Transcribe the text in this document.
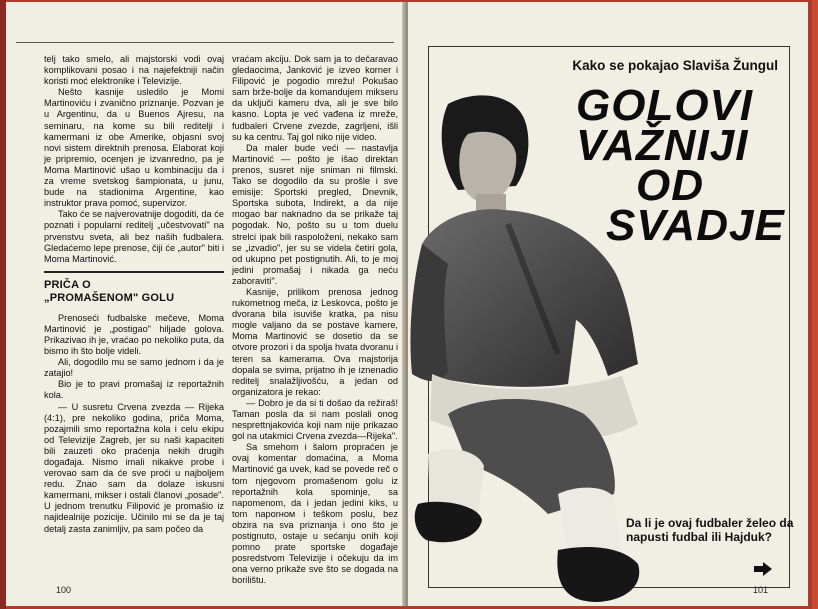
telj tako smelo, ali majstorski vodi ovaj komplikovani posao i na najefektniji način koristi moć elektronike i Televizije.

Nešto kasnije usledilo je Momi Martinoviću i zvanično priznanje. Pozvan je u Argentinu, da u Buenos Ajresu, na seminaru, na kome su bili reditelji i kamermani iz obe Amerike, objasni svoj novi sistem direktnih prenosa. Elaborat koji je pripremio, ocenjen je izvanredno, pa je Moma Martinović ušao u kombinaciju da i za vreme svetskog šampionata, u junu, bude na stadionima Argentine, kao instruktor prava pomoć, supervizor.

Tako će se najverovatnije dogoditi, da će poznati i popularni reditelj „učestvovati" na prvenstvu sveta, ali bez naših fudbalera. Gledaćemo lepe prenose, čiji će „autor" biti i Moma Martinović.

PRIČA O
„PROMAŠENOM" GOLU

Prenoseći fudbalske mečeve, Moma Martinović je „postigao" hiljade golova. Prikazivao ih je, vraćao po nekoliko puta, da bismo ih što bolje videli.

Ali, dogodilo mu se samo jednom i da je zatajio!

Bio je to pravi promašaj iz reportažnih kola.

— U susretu Crvena zvezda — Rijeka (4:1), pre nekoliko godina, priča Moma, pozajmili smo reportažna kola i celu ekipu od Televizije Zagreb, jer su naši kapaciteti bili zauzeti oko praćenja nekih drugih događaja. Nismo imali nikakve probe i verovao sam da će sve proći u najboljem redu. Znao sam da dolaze iskusni kamermani, mikser i ostali članovi „posade". U jednom trenutku Filipović je promašio iz najidealnije pozicije. Učinilo mi se da je taj detalj zasta zanimljiv, pa sam počeo da

vraćam akciju. Dok sam ja to dečaravao gledaocima, Janković je izveo korner i Filipović je pogodio mrežu! Pokušao sam brže-bolje da komandujem mikseru da uključi kameru dva, ali je sve bilo kasno. Lopta je već vađena iz mreže, fudbaleri Crvene zvezde, zagrljeni, išli su ka centru. Taj gol niko nije video.

Da maler bude veći — nastavlja Martinović — pošto je išao direktan prenos, susret nije sniman ni filmski. Tako se dogodilo da su prošle i sve emisije: Sportski pregled, Dnevnik, Sportska subota, Indirekt, a da nije mogao bar naknadno da se prikaže taj pogodak. No, pošto su u tom duelu strelci ipak bili raspoloženi, nekako sam se „izvadio", jer su se videla četiri gola, od ukupno pet postignutih. Ali, to je moj jedini promašaj i nikada ga neću zaboraviti".

Kasnije, prilikom prenosa jednog rukometnog meča, iz Leskovca, pošto je dvorana bila isuviše kratka, pa nisu mogle valjano da se postave kamere, Moma Martinović se dosetio da se otvore prozori i da spolja hvata dvoranu i teren sa kamerama. Ova majstorija dopala se svima, prijatno ih je iznenadio reditelj snalažljivošću, a jedan od organizatora je rekao:

— Dobro je da si ti došao da režiraš! Taman posla da si nam poslali onog nesprettnjakovića koji nam nije prikazao gol na utakmici Crvena zvezda—Rijeka".

Sa smehom i šalom propraćen je ovaj komentar domaćina, a Moma Martinović ga uvek, kad se povede reč o tom njegovom promašenom golu iz reportažnih kola spominje, sa napomenom, da i jedan jedini kiks, u tom naporном i teškom poslu, bez obzira na sva priznanja i ono što je postignuto, ostaje u sećanju onih koji pomno prate sportske događaje posredstvom Televizije i očekuju da im ona verno prikaže sve što se dogada na borilištu.

100
Kako se pokajao Slaviša Žungul
GOLOVI
VAŽNIJI
OD
SVADJE
Da li je ovaj fudbaler želeo da napusti fudbal ili Hajduk?
101
